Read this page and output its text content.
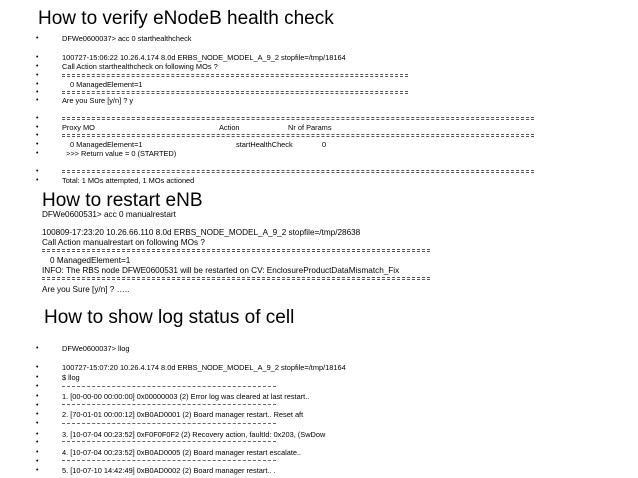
How to verify eNodeB health check
•
DFWe0600037> acc 0 starthealthcheck
•
100727-15:06:22 10.26.4.174 8.0d ERBS_NODE_MODEL_A_9_2 stopfile=/tmp/18164
•
Call Action starthealthcheck on following MOs ?
•
•
0 ManagedElement=1
•
•
Are you Sure [y/n] ? y
•
•
Proxy MO	Action	Nr of Params
•
•
0 ManagedElement=1	startHealthCheck	0
•
>>> Return value = 0 (STARTED)
•
•
Total: 1 MOs attempted, 1 MOs actioned
How to restart eNB
DFWe0600531> acc 0 manualrestart
100809-17:23:20 10.26.66.110 8.0d ERBS_NODE_MODEL_A_9_2 stopfile=/tmp/28638
Call Action manualrestart on following MOs ?
0 ManagedElement=1
INFO: The RBS node DFWE0600531 will be restarted on CV: EnclosureProductDataMismatch_Fix
Are you Sure [y/n] ? …..
How to show log status of cell
•
DFWe0600037> llog
•
100727-15:07:20 10.26.4.174 8.0d ERBS_NODE_MODEL_A_9_2 stopfile=/tmp/18164
•
$ llog
•
•
1. [00-00-00 00:00:00] 0x00000003 (2) Error log was cleared at last restart..
•
•
2. [70-01-01 00:00:12] 0xB0AD0001 (2) Board manager restart.. Reset aft
•
•
3. [10-07-04 00:23:52] 0xF0F0F0F2 (2) Recovery action, faultId: 0x203, (SwDow
•
•
4. [10-07-04 00:23:52] 0xB0AD0005 (2) Board manager restart escalate..
•
•
5. [10-07-10 14:42:49] 0xB0AD0002 (2) Board manager restart.. .
